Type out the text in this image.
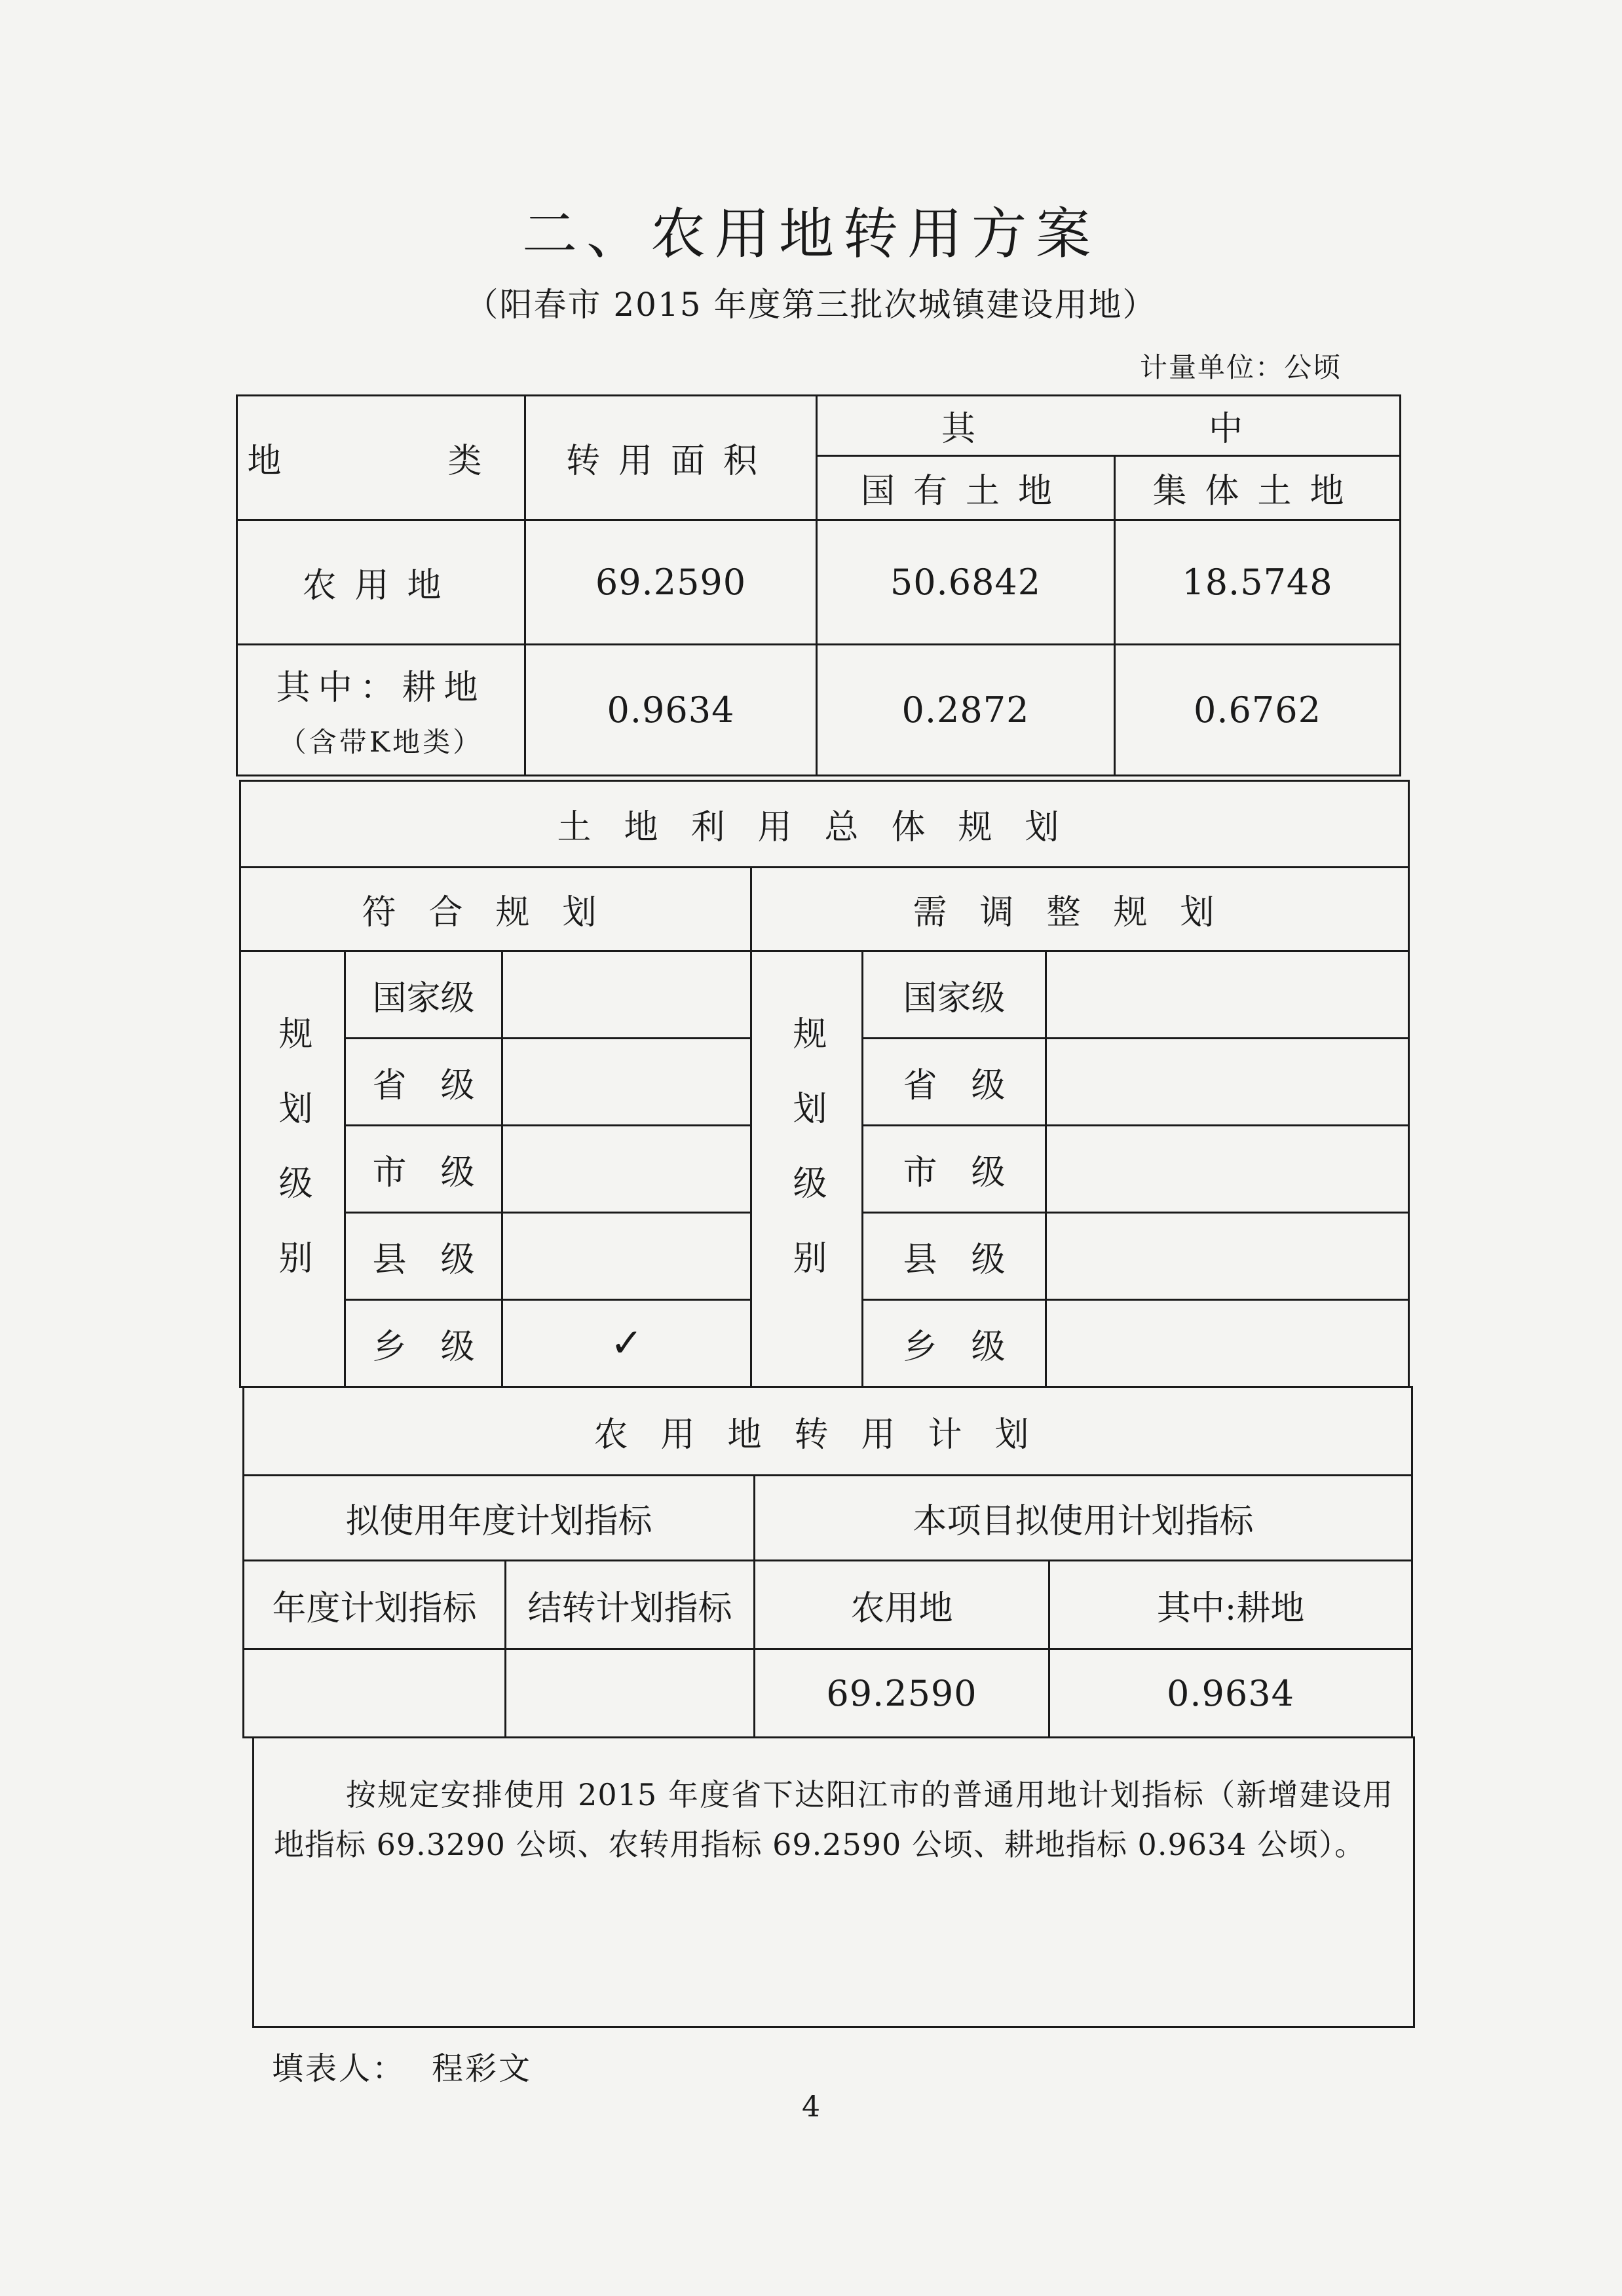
二、农用地转用方案
（阳春市 2015 年度第三批次城镇建设用地）
计量单位：公顷
地　　类	转用面积	其　　　中	
		国有土地	集体土地
农用地	69.2590	50.6842	18.5748

其中：耕地
（含带K地类）	0.9634	0.2872	0.6762
土地利用总体规划					
符合规划			需调整规划		
规划级别	国家级		规划级别	国家级	
	省　级			省　级	
	市　级			市　级	
	县　级			县　级	
	乡　级	✓		乡　级	
农用地转用计划			
拟使用年度计划指标		本项目拟使用计划指标	
年度计划指标	结转计划指标	农用地	其中:耕地
		69.2590	0.9634
按规定安排使用 2015 年度省下达阳江市的普通用地计划指标（新增建设用地指标 69.3290 公顷、农转用指标 69.2590 公顷、耕地指标 0.9634 公顷）。
填表人： 程彩文
4
